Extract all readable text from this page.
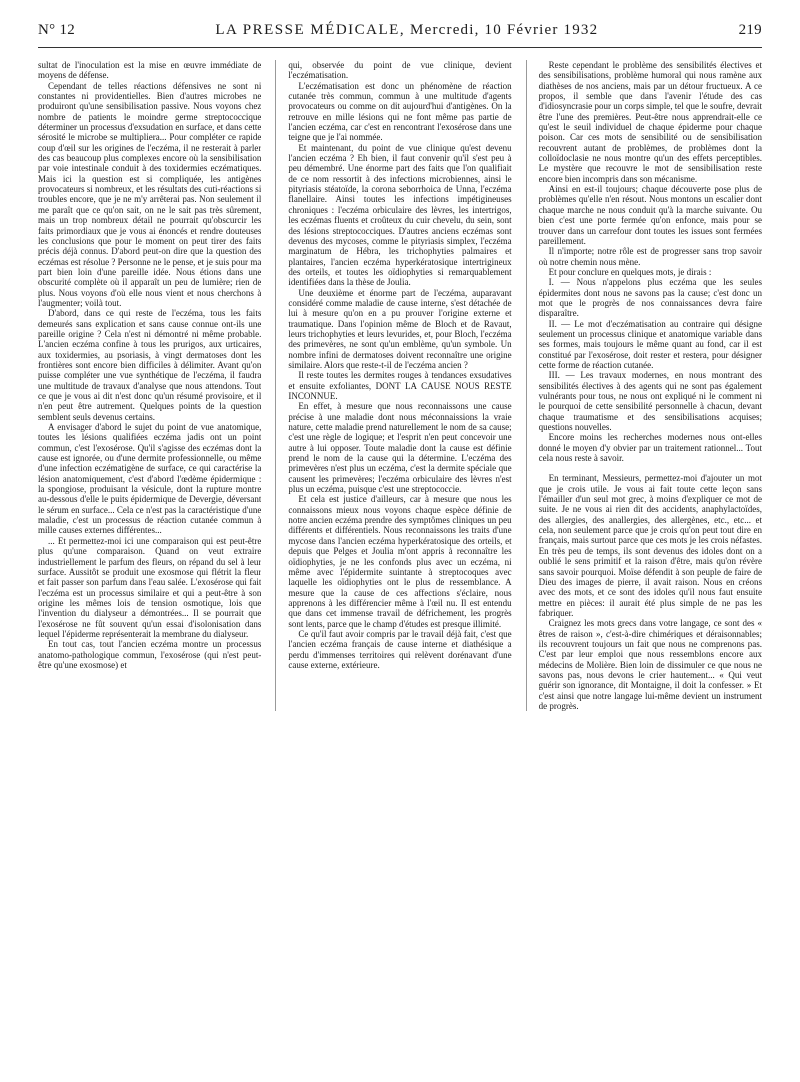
N° 12	LA PRESSE MÉDICALE, Mercredi, 10 Février 1932	219

sultat de l'inoculation est la mise en œuvre immédiate de moyens de défense.

Cependant de telles réactions défensives ne sont ni constantes ni providentielles. Bien d'autres microbes ne produiront qu'une sensibilisation passive. Nous voyons chez nombre de patients le moindre germe streptococcique déterminer un processus d'exsudation en surface, et dans cette sérosité le microbe se multipliera... Pour compléter ce rapide coup d'œil sur les origines de l'eczéma, il ne resterait à parler des cas beaucoup plus complexes encore où la sensibilisation par voie intestinale conduit à des toxidermies eczématiques. Mais ici la question est si compliquée, les antigènes provocateurs si nombreux, et les résultats des cuti-réactions si troubles encore, que je ne m'y arrêterai pas. Non seulement il me paraît que ce qu'on sait, on ne le sait pas très sûrement, mais un trop nombreux détail ne pourrait qu'obscurcir les faits primordiaux que je vous ai énoncés et rendre douteuses les conclusions que pour le moment on peut tirer des faits précis déjà connus. D'abord peut-on dire que la question des eczémas est résolue ? Personne ne le pense, et je suis pour ma part bien loin d'une pareille idée. Nous étions dans une obscurité complète où il apparaît un peu de lumière; rien de plus. Nous voyons d'où elle nous vient et nous cherchons à l'augmenter; voilà tout.

D'abord, dans ce qui reste de l'eczéma, tous les faits demeurés sans explication et sans cause connue ont-ils une pareille origine ? Cela n'est ni démontré ni même probable. L'ancien eczéma confine à tous les prurigos, aux urticaires, aux toxidermies, au psoriasis, à vingt dermatoses dont les frontières sont encore bien difficiles à délimiter. Avant qu'on puisse compléter une vue synthétique de l'eczéma, il faudra une multitude de travaux d'analyse que nous attendons. Tout ce que je vous ai dit n'est donc qu'un résumé provisoire, et il n'en peut être autrement. Quelques points de la question semblent seuls devenus certains.

A envisager d'abord le sujet du point de vue anatomique, toutes les lésions qualifiées eczéma jadis ont un point commun, c'est l'exosérose. Qu'il s'agisse des eczémas dont la cause est ignorée, ou d'une dermite professionnelle, ou même d'une infection eczématigène de surface, ce qui caractérise la lésion anatomiquement, c'est d'abord l'œdème épidermique : la spongiose, produisant la vésicule, dont la rupture montre au-dessous d'elle le puits épidermique de Devergie, déversant le sérum en surface... Cela ce n'est pas la caractéristique d'une maladie, c'est un processus de réaction cutanée commun à mille causes externes différentes...

... Et permettez-moi ici une comparaison qui est peut-être plus qu'une comparaison. Quand on veut extraire industriellement le parfum des fleurs, on répand du sel à leur surface. Aussitôt se produit une exosmose qui flétrit la fleur et fait passer son parfum dans l'eau salée. L'exosérose qui fait l'eczéma est un processus similaire et qui a peut-être à son origine les mêmes lois de tension osmotique, lois que l'invention du dialyseur a démontrées... Il se pourrait que l'exosérose ne fût souvent qu'un essai d'isolonisation dans lequel l'épiderme représenterait la membrane du dialyseur.

En tout cas, tout l'ancien eczéma montre un processus anatomo-pathologique commun, l'exosérose (qui n'est peut-être qu'une exosmose) et

qui, observée du point de vue clinique, devient l'eczématisation.

L'eczématisation est donc un phénomène de réaction cutanée très commun, commun à une multitude d'agents provocateurs ou comme on dit aujourd'hui d'antigènes. On la retrouve en mille lésions qui ne font même pas partie de l'ancien eczéma, car c'est en rencontrant l'exosérose dans une teigne que je l'ai nommée.

Et maintenant, du point de vue clinique qu'est devenu l'ancien eczéma ? Eh bien, il faut convenir qu'il s'est peu à peu démembré. Une énorme part des faits que l'on qualifiait de ce nom ressortit à des infections microbiennes, ainsi le pityriasis stéatoïde, la corona seborrhoica de Unna, l'eczéma flanellaire. Ainsi toutes les infections impétigineuses chroniques : l'eczéma orbiculaire des lèvres, les intertrigos, les eczémas fluents et croûteux du cuir chevelu, du sein, sont des lésions streptococciques. D'autres anciens eczémas sont devenus des mycoses, comme le pityriasis simplex, l'eczéma marginatum de Hébra, les trichophyties palmaires et plantaires, l'ancien eczéma hyperkératosique intertrigineux des orteils, et toutes les oïdiophyties si remarquablement identifiées dans la thèse de Joulia.

Une deuxième et énorme part de l'eczéma, auparavant considéré comme maladie de cause interne, s'est détachée de lui à mesure qu'on en a pu prouver l'origine externe et traumatique. Dans l'opinion même de Bloch et de Ravaut, leurs trichophyties et leurs levurides, et, pour Bloch, l'eczéma des primevères, ne sont qu'un emblème, qu'un symbole. Un nombre infini de dermatoses doivent reconnaître une origine similaire. Alors que reste-t-il de l'eczéma ancien ?

Il reste toutes les dermites rouges à tendances exsudatives et ensuite exfoliantes, DONT LA CAUSE NOUS RESTE INCONNUE.

En effet, à mesure que nous reconnaissons une cause précise à une maladie dont nous méconnaissions la vraie nature, cette maladie prend naturellement le nom de sa cause; c'est une règle de logique; et l'esprit n'en peut concevoir une autre à lui opposer. Toute maladie dont la cause est définie prend le nom de la cause qui la détermine. L'eczéma des primevères n'est plus un eczéma, c'est la dermite spéciale que causent les primevères; l'eczéma orbiculaire des lèvres n'est plus un eczéma, puisque c'est une streptococcie.

Et cela est justice d'ailleurs, car à mesure que nous les connaissons mieux nous voyons chaque espèce définie de notre ancien eczéma prendre des symptômes cliniques un peu différents et différentiels. Nous reconnaissons les traits d'une mycose dans l'ancien eczéma hyperkératosique des orteils, et depuis que Pelges et Joulia m'ont appris à reconnaître les oïdiophyties, je ne les confonds plus avec un eczéma, ni même avec l'épidermite suintante à streptocoques avec laquelle les oïdiophyties ont le plus de ressemblance. A mesure que la cause de ces affections s'éclaire, nous apprenons à les différencier même à l'œil nu. Il est entendu que dans cet immense travail de défrichement, les progrès sont lents, parce que le champ d'études est presque illimité.

Ce qu'il faut avoir compris par le travail déjà fait, c'est que l'ancien eczéma français de cause interne et diathésique a perdu d'immenses territoires qui relèvent dorénavant d'une cause externe, extérieure.

Reste cependant le problème des sensibilités électives et des sensibilisations, problème humoral qui nous ramène aux diathèses de nos anciens, mais par un détour fructueux. A ce propos, il semble que dans l'avenir l'étude des cas d'idiosyncrasie pour un corps simple, tel que le soufre, devrait être l'une des premières. Peut-être nous apprendrait-elle ce qu'est le seuil individuel de chaque épiderme pour chaque poison. Car ces mots de sensibilité ou de sensibilisation recouvrent autant de problèmes, de problèmes dont la colloïdoclasie ne nous montre qu'un des effets perceptibles. Le mystère que recouvre le mot de sensibilisation reste encore bien incompris dans son mécanisme.

Ainsi en est-il toujours; chaque découverte pose plus de problèmes qu'elle n'en résout. Nous montons un escalier dont chaque marche ne nous conduit qu'à la marche suivante. Ou bien c'est une porte fermée qu'on enfonce, mais pour se trouver dans un carrefour dont toutes les issues sont fermées pareillement.

Il n'importe; notre rôle est de progresser sans trop savoir où notre chemin nous mène.

Et pour conclure en quelques mots, je dirais :

I. — Nous n'appelons plus eczéma que les seules épidermites dont nous ne savons pas la cause; c'est donc un mot que le progrès de nos connaissances devra faire disparaître.

II. — Le mot d'eczématisation au contraire qui désigne seulement un processus clinique et anatomique variable dans ses formes, mais toujours le même quant au fond, car il est constitué par l'exosérose, doit rester et restera, pour désigner cette forme de réaction cutanée.

III. — Les travaux modernes, en nous montrant des sensibilités électives à des agents qui ne sont pas également vulnérants pour tous, ne nous ont expliqué ni le comment ni le pourquoi de cette sensibilité personnelle à chacun, devant chaque traumatisme et des sensibilisations acquises; questions nouvelles.

Encore moins les recherches modernes nous ont-elles donné le moyen d'y obvier par un traitement rationnel... Tout cela nous reste à savoir.

En terminant, Messieurs, permettez-moi d'ajouter un mot que je crois utile. Je vous ai fait toute cette leçon sans l'émailler d'un seul mot grec, à moins d'expliquer ce mot de suite. Je ne vous ai rien dit des accidents, anaphylactoïdes, des allergies, des anallergies, des allergènes, etc., etc... et cela, non seulement parce que je crois qu'on peut tout dire en français, mais surtout parce que ces mots je les crois néfastes. En très peu de temps, ils sont devenus des idoles dont on a oublié le sens primitif et la raison d'être, mais qu'on révère sans savoir pourquoi. Moïse défendit à son peuple de faire de Dieu des images de pierre, il avait raison. Nous en créons avec des mots, et ce sont des idoles qu'il nous faut ensuite mettre en pièces: il aurait été plus simple de ne pas les fabriquer.

Craignez les mots grecs dans votre langage, ce sont des « êtres de raison », c'est-à-dire chimériques et déraisonnables; ils recouvrent toujours un fait que nous ne comprenons pas. C'est par leur emploi que nous ressemblons encore aux médecins de Molière. Bien loin de dissimuler ce que nous ne savons pas, nous devons le crier hautement... « Qui veut guérir son ignorance, dit Montaigne, il doit la confesser. » Et c'est ainsi que notre langage lui-même devient un instrument de progrès.
